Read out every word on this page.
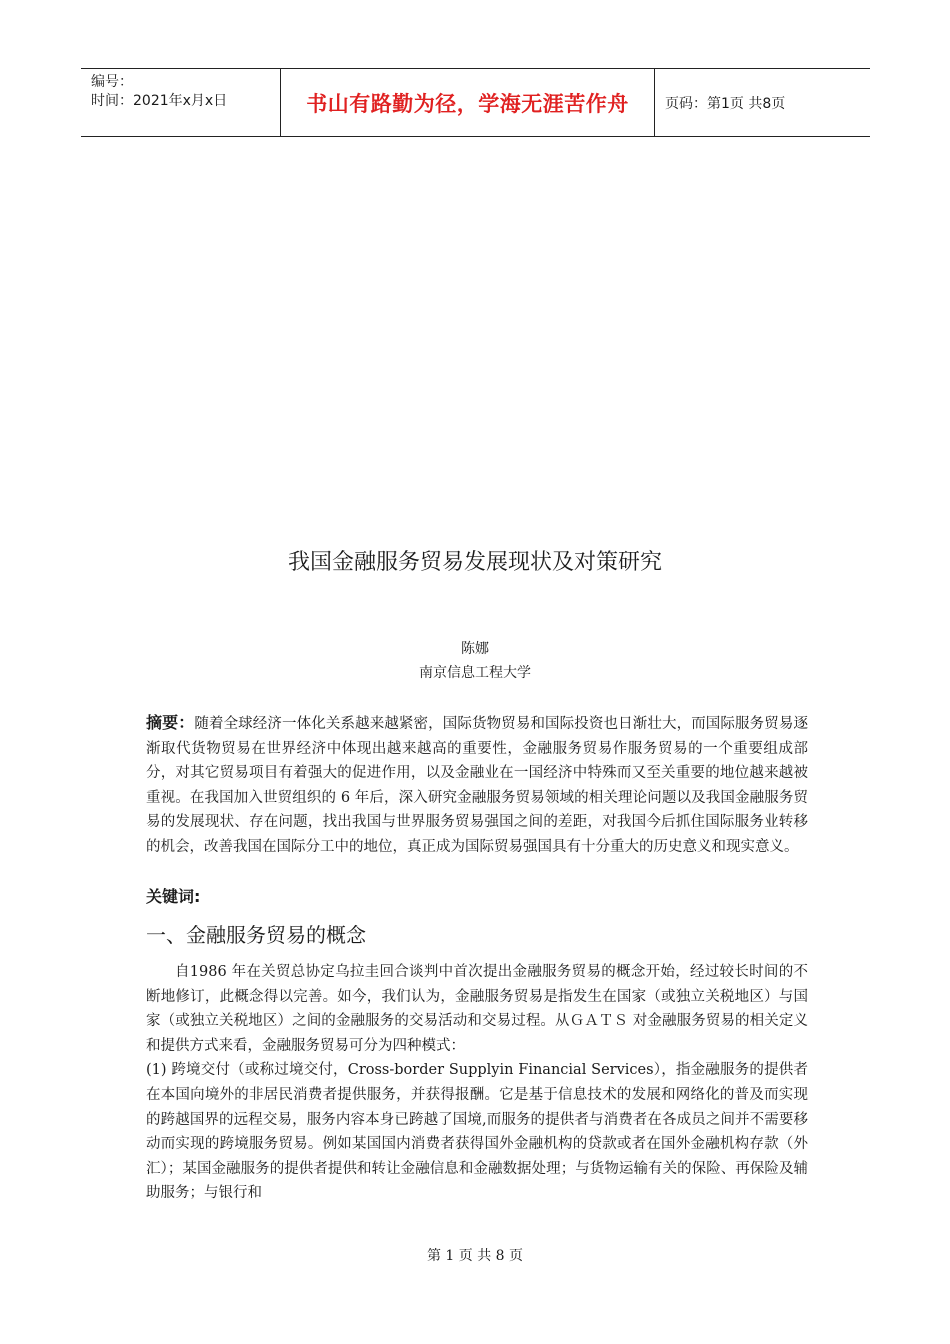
编号：
时间：2021年x月x日	书山有路勤为径，学海无涯苦作舟	页码：第1页 共8页
我国金融服务贸易发展现状及对策研究
陈娜
南京信息工程大学
摘要：随着全球经济一体化关系越来越紧密，国际货物贸易和国际投资也日渐壮大，而国际服务贸易逐渐取代货物贸易在世界经济中体现出越来越高的重要性，金融服务贸易作服务贸易的一个重要组成部分，对其它贸易项目有着强大的促进作用，以及金融业在一国经济中特殊而又至关重要的地位越来越被重视。在我国加入世贸组织的 6 年后，深入研究金融服务贸易领域的相关理论问题以及我国金融服务贸易的发展现状、存在问题，找出我国与世界服务贸易强国之间的差距，对我国今后抓住国际服务业转移的机会，改善我国在国际分工中的地位，真正成为国际贸易强国具有十分重大的历史意义和现实意义。
关键词:
一、金融服务贸易的概念

自1986 年在关贸总协定乌拉圭回合谈判中首次提出金融服务贸易的概念开始，经过较长时间的不断地修订，此概念得以完善。如今，我们认为，金融服务贸易是指发生在国家（或独立关税地区）与国家（或独立关税地区）之间的金融服务的交易活动和交易过程。从ＧＡＴＳ 对金融服务贸易的相关定义和提供方式来看，金融服务贸易可分为四种模式：

(1) 跨境交付（或称过境交付，Cross-border Supplyin Financial Services），指金融服务的提供者在本国向境外的非居民消费者提供服务，并获得报酬。它是基于信息技术的发展和网络化的普及而实现的跨越国界的远程交易，服务内容本身已跨越了国境,而服务的提供者与消费者在各成员之间并不需要移动而实现的跨境服务贸易。例如某国国内消费者获得国外金融机构的贷款或者在国外金融机构存款（外汇）；某国金融服务的提供者提供和转让金融信息和金融数据处理；与货物运输有关的保险、再保险及辅助服务；与银行和

第 1 页 共 8 页
